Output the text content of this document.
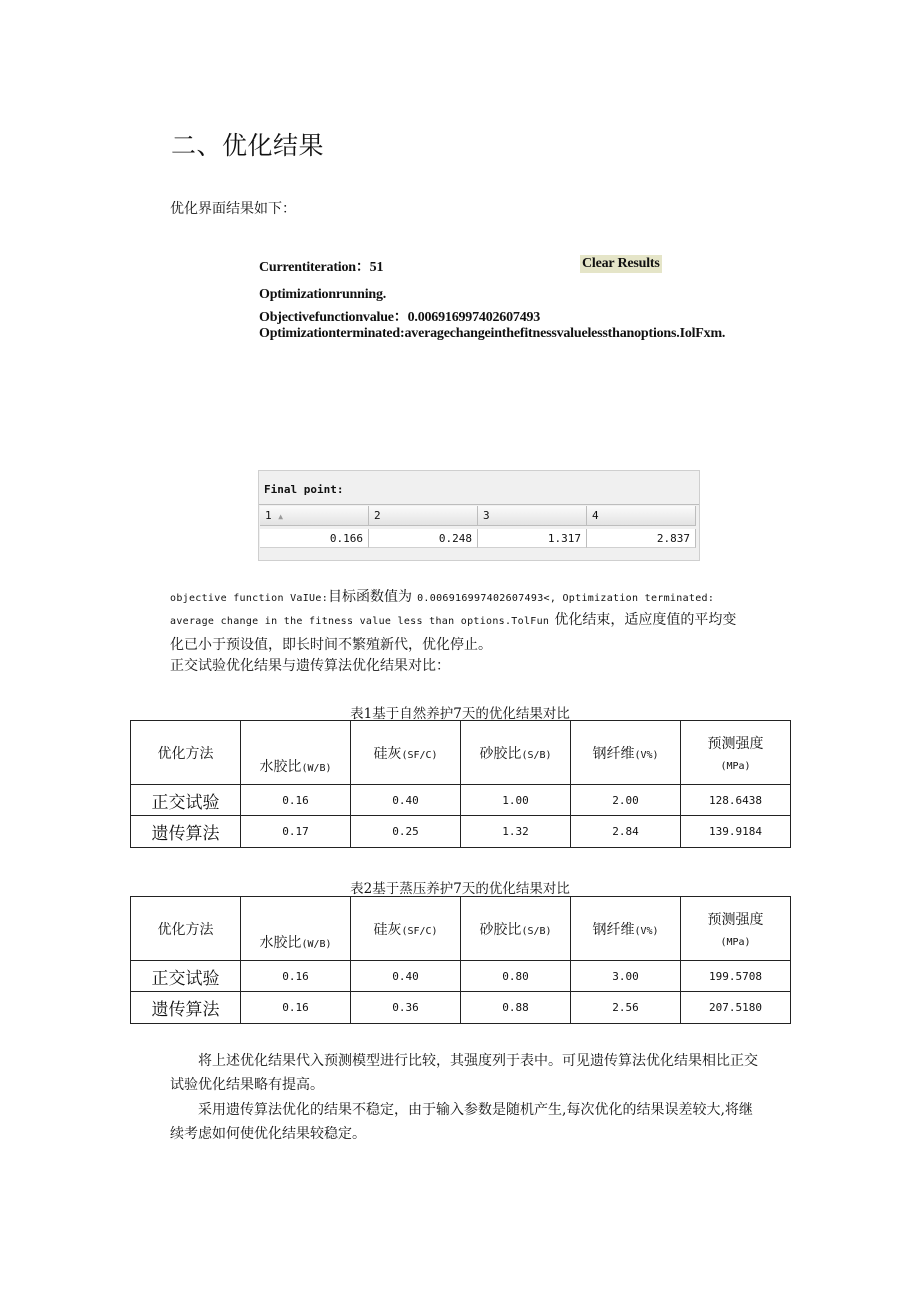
二、优化结果
优化界面结果如下：
Currentiteration：51	Clear Results
Optimizationrunning.
Objectivefunctionvalue：0.006916997402607493
Optimizationterminated:averagechangeinthefitnessvaluelessthanoptions.IolFxm.
Final point:
1 ▲	2	3	4
0.166	0.248	1.317	2.837
objective function VaIUe:目标函数值为 0.006916997402607493<, Optimization terminated:
average change in the fitness value less than options.TolFun 优化结束，适应度值的平均变
化已小于预设值，即长时间不繁殖新代，优化停止。
正交试验优化结果与遗传算法优化结果对比：
表1基于自然养护7天的优化结果对比
优化方法	水胶比(W/B)	硅灰(SF/C)	砂胶比(S/B)	钢纤维(V%)	预测强度
(MPa)

正交试验	0.16	0.40	1.00	2.00	128.6438
遗传算法	0.17	0.25	1.32	2.84	139.9184
表2基于蒸压养护7天的优化结果对比
优化方法	水胶比(W/B)	硅灰(SF/C)	砂胶比(S/B)	钢纤维(V%)	预测强度
(MPa)

正交试验	0.16	0.40	0.80	3.00	199.5708
遗传算法	0.16	0.36	0.88	2.56	207.5180
将上述优化结果代入预测模型进行比较，其强度列于表中。可见遗传算法优化结果相比正交
试验优化结果略有提高。
采用遗传算法优化的结果不稳定，由于输入参数是随机产生,每次优化的结果误差较大,将继
续考虑如何使优化结果较稳定。
